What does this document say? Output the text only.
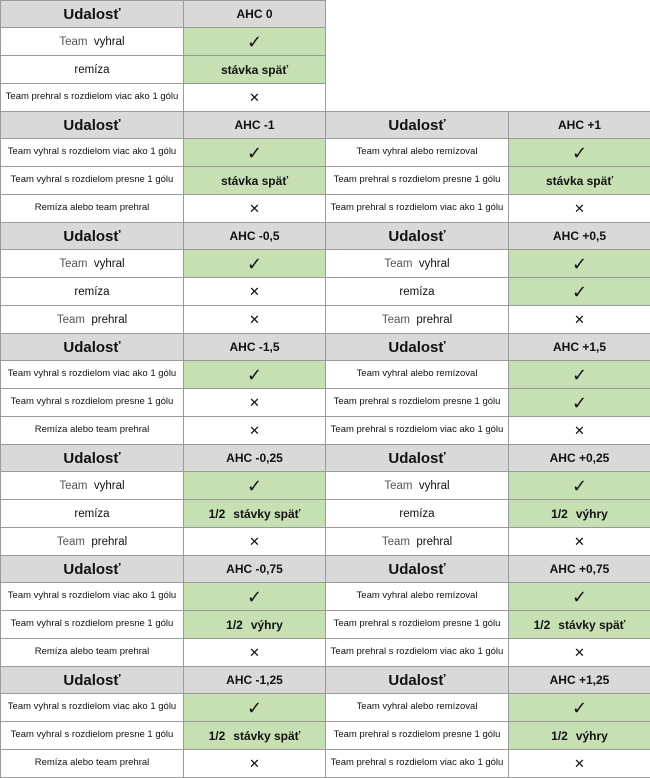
Udalosť	AHC 0
Team vyhral	✓
remíza	stávka späť
Team prehral s rozdielom viac ako 1 gólu	✕
Udalosť	AHC -1
Team vyhral s rozdielom viac ako 1 gólu	✓
Team vyhral s rozdielom presne 1 gólu	stávka späť
Remíza alebo team prehral	✕
Udalosť	AHC +1
Team vyhral alebo remízoval	✓
Team prehral s rozdielom presne 1 gólu	stávka späť
Team prehral s rozdielom viac ako 1 gólu	✕
Udalosť	AHC -0,5
Team vyhral	✓
remíza	✕
Team prehral	✕
Udalosť	AHC +0,5
Team vyhral	✓
remíza	✓
Team prehral	✕
Udalosť	AHC -1,5
Team vyhral s rozdielom viac ako 1 gólu	✓
Team vyhral s rozdielom presne 1 gólu	✕
Remíza alebo team prehral	✕
Udalosť	AHC +1,5
Team vyhral alebo remízoval	✓
Team prehral s rozdielom presne 1 gólu	✓
Team prehral s rozdielom viac ako 1 gólu	✕
Udalosť	AHC -0,25
Team vyhral	✓
remíza	1/2 stávky späť
Team prehral	✕
Udalosť	AHC +0,25
Team vyhral	✓
remíza	1/2 výhry
Team prehral	✕
Udalosť	AHC -0,75
Team vyhral s rozdielom viac ako 1 gólu	✓
Team vyhral s rozdielom presne 1 gólu	1/2 výhry
Remíza alebo team prehral	✕
Udalosť	AHC +0,75
Team vyhral alebo remízoval	✓
Team prehral s rozdielom presne 1 gólu	1/2 stávky späť
Team prehral s rozdielom viac ako 1 gólu	✕
Udalosť	AHC -1,25
Team vyhral s rozdielom viac ako 1 gólu	✓
Team vyhral s rozdielom presne 1 gólu	1/2 stávky späť
Remíza alebo team prehral	✕
Udalosť	AHC +1,25
Team vyhral alebo remízoval	✓
Team prehral s rozdielom presne 1 gólu	1/2 výhry
Team prehral s rozdielom viac ako 1 gólu	✕
